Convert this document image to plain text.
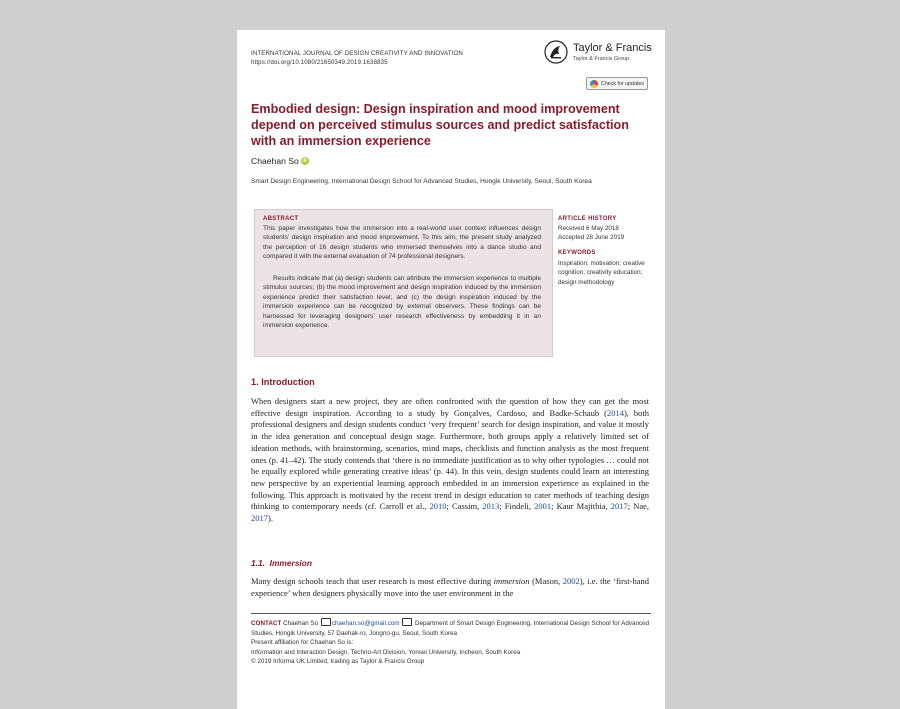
INTERNATIONAL JOURNAL OF DESIGN CREATIVITY AND INNOVATION
https://doi.org/10.1080/21650349.2019.1638835
Taylor & Francis
Taylor & Francis Group
Check for updates
Embodied design: Design inspiration and mood improvement depend on perceived stimulus sources and predict satisfaction with an immersion experience
Chaehan So iD
Smart Design Engineering, International Design School for Advanced Studies, Hongik University, Seoul, South Korea
ABSTRACT

This paper investigates how the immersion into a real-world user context influences design students’ design inspiration and mood improvement. To this aim, the present study analyzed the perception of 16 design students who immersed themselves into a dance studio and compared it with the external evaluation of 74 professional designers.

Results indicate that (a) design students can attribute the immersion experience to multiple stimulus sources; (b) the mood improvement and design inspiration induced by the immersion experience predict their satisfaction level; and (c) the design inspiration induced by the immersion experience can be recognized by external observers. These findings can be harnessed for leveraging designers’ user research effectiveness by embedding it in an immersion experience.

ARTICLE HISTORY
Received 6 May 2018
Accepted 28 June 2019
KEYWORDS

Inspiration; motivation; creative cognition; creativity education; design methodology

1. Introduction

When designers start a new project, they are often confronted with the question of how they can get the most effective design inspiration. According to a study by Gonçalves, Cardoso, and Badke-Schaub (2014), both professional designers and design students conduct ‘very frequent’ search for design inspiration, and value it mostly in the idea generation and conceptual design stage. Furthermore, both groups apply a relatively limited set of ideation methods, with brainstorming, scenarios, mind maps, checklists and function analysis as the most frequent ones (p. 41–42). The study contends that ‘there is no immediate justification as to why other typologies … could not be equally explored while generating creative ideas’ (p. 44). In this vein, design students could learn an interesting new perspective by an experiential learning approach embedded in an immersion experience as explained in the following. This approach is motivated by the recent trend in design education to cater methods of teaching design thinking to contemporary needs (cf. Carroll et al., 2010; Cassim, 2013; Findeli, 2001; Kaur Majithia, 2017; Nae, 2017).

1.1. Immersion

Many design schools teach that user research is most effective during immersion (Mason, 2002), i.e. the ‘first-hand experience’ when designers physically move into the user environment in the

CONTACT Chaehan So chaehan.so@gmail.com Department of Smart Design Engineering, International Design School for Advanced Studies, Hongik University, 57 Daehak-ro, Jongno-gu, Seoul, South Korea
Present affiliation for Chaehan So is:
Information and Interaction Design, Techno-Art Division, Yonsei University, Incheon, South Korea
© 2019 Informa UK Limited, trading as Taylor & Francis Group
